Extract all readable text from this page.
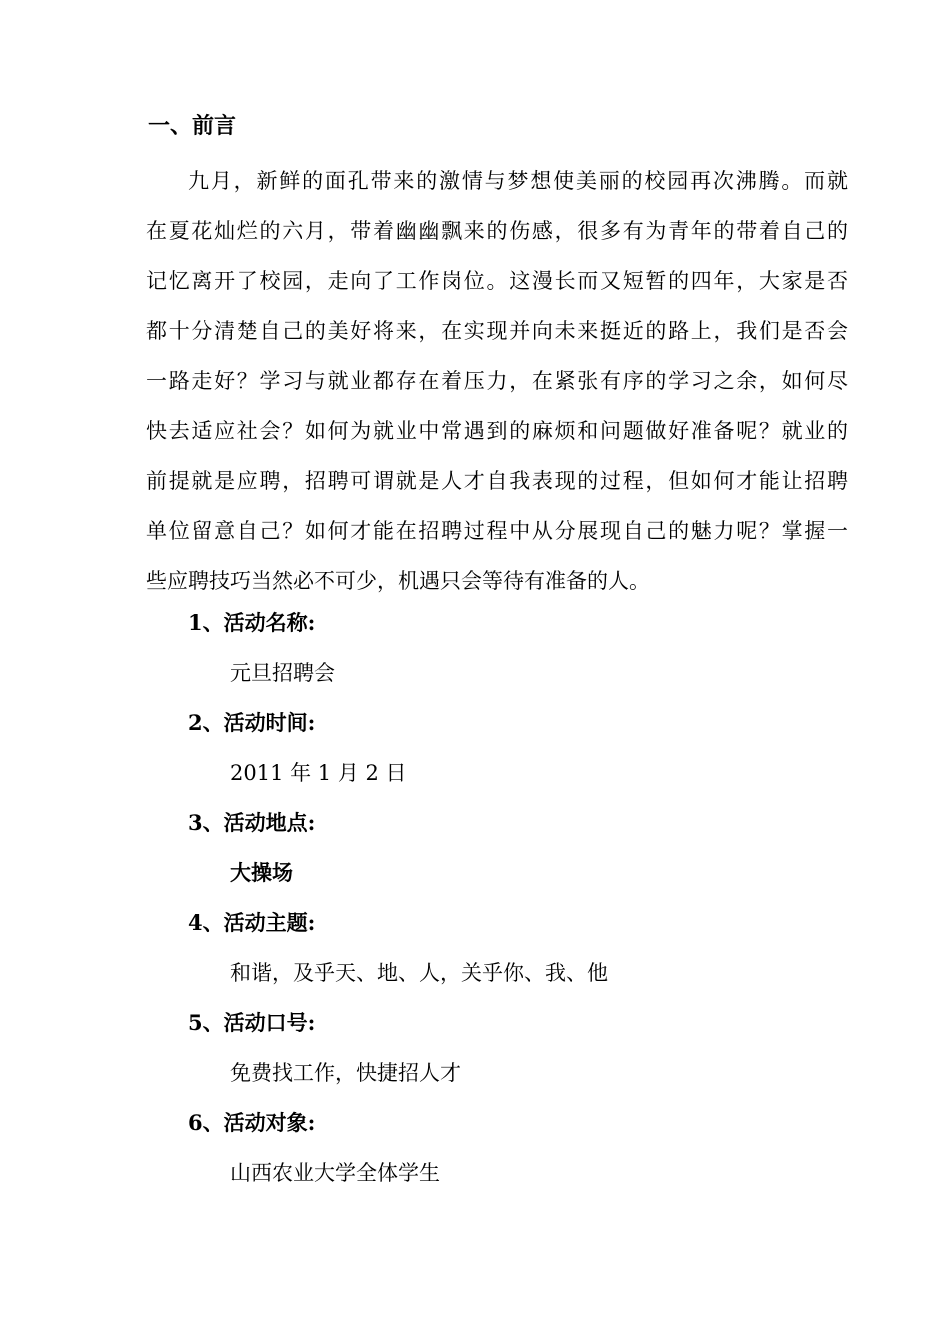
一、前言
九月，新鲜的面孔带来的激情与梦想使美丽的校园再次沸腾。而就
在夏花灿烂的六月，带着幽幽飘来的伤感，很多有为青年的带着自己的
记忆离开了校园，走向了工作岗位。这漫长而又短暂的四年，大家是否
都十分清楚自己的美好将来，在实现并向未来挺近的路上，我们是否会
一路走好？学习与就业都存在着压力，在紧张有序的学习之余，如何尽
快去适应社会？如何为就业中常遇到的麻烦和问题做好准备呢？就业的
前提就是应聘，招聘可谓就是人才自我表现的过程，但如何才能让招聘
单位留意自己？如何才能在招聘过程中从分展现自己的魅力呢？掌握一
些应聘技巧当然必不可少，机遇只会等待有准备的人。
1、活动名称:
元旦招聘会
2、活动时间:
2011 年 1 月 2 日
3、活动地点:
大操场
4、活动主题:
和谐，及乎天、地、人，关乎你、我、他
5、活动口号:
免费找工作，快捷招人才
6、活动对象:
山西农业大学全体学生
